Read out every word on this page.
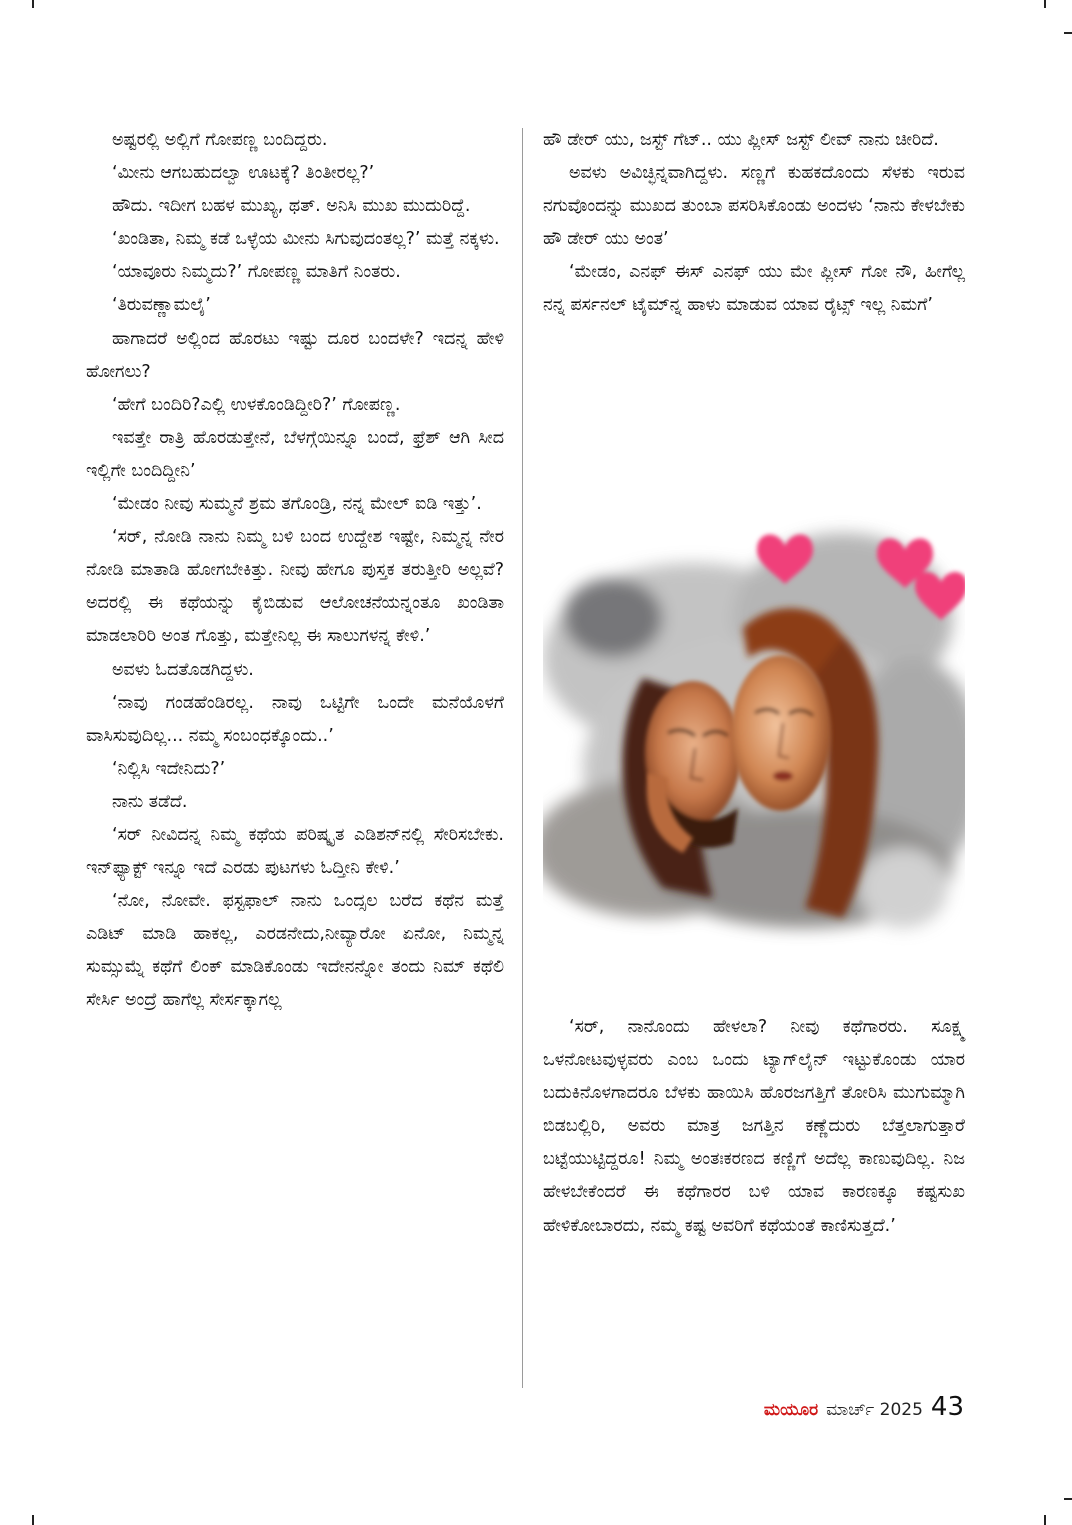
ಅಷ್ಟರಲ್ಲಿ ಅಲ್ಲಿಗೆ ಗೋಪಣ್ಣ ಬಂದಿದ್ದರು.

‘ಮೀನು ಆಗಬಹುದಲ್ವಾ ಊಟಕ್ಕೆ? ತಿಂತೀರಲ್ಲ?’

ಹೌದು. ಇದೀಗ ಬಹಳ ಮುಖ್ಯ, ಥತ್. ಅನಿಸಿ ಮುಖ ಮುದುರಿದ್ದೆ.

‘ಖಂಡಿತಾ, ನಿಮ್ಮ ಕಡೆ ಒಳ್ಳೆಯ ಮೀನು ಸಿಗುವುದಂತಲ್ಲ?’ ಮತ್ತೆ ನಕ್ಕಳು.

‘ಯಾವೂರು ನಿಮ್ಮದು?’ ಗೋಪಣ್ಣ ಮಾತಿಗೆ ನಿಂತರು.

‘ತಿರುವಣ್ಣಾಮಲೈ’

ಹಾಗಾದರೆ ಅಲ್ಲಿಂದ ಹೊರಟು ಇಷ್ಟು ದೂರ ಬಂದಳೇ? ಇದನ್ನ ಹೇಳಿ ಹೋಗಲು?

‘ಹೇಗೆ ಬಂದಿರಿ?ಎಲ್ಲಿ ಉಳಕೊಂಡಿದ್ದೀರಿ?’ ಗೋಪಣ್ಣ.

ಇವತ್ತೇ ರಾತ್ರಿ ಹೊರಡುತ್ತೇನೆ, ಬೆಳಗ್ಗೆಯಿನ್ನೂ ಬಂದೆ, ಫ್ರೆಶ್ ಆಗಿ ಸೀದ ಇಲ್ಲಿಗೇ ಬಂದಿದ್ದೀನಿ’

‘ಮೇಡಂ ನೀವು ಸುಮ್ಮನೆ ಶ್ರಮ ತಗೊಂಡ್ರಿ, ನನ್ನ ಮೇಲ್ ಐಡಿ ಇತ್ತು’.

‘ಸರ್, ನೋಡಿ ನಾನು ನಿಮ್ಮ ಬಳಿ ಬಂದ ಉದ್ದೇಶ ಇಷ್ಟೇ, ನಿಮ್ಮನ್ನ ನೇರ ನೋಡಿ ಮಾತಾಡಿ ಹೋಗಬೇಕಿತ್ತು. ನೀವು ಹೇಗೂ ಪುಸ್ತಕ ತರುತ್ತೀರಿ ಅಲ್ಲವೆ? ಅದರಲ್ಲಿ ಈ ಕಥೆಯನ್ನು ಕೈಬಿಡುವ ಆಲೋಚನೆಯನ್ನಂತೂ ಖಂಡಿತಾ ಮಾಡಲಾರಿರಿ ಅಂತ ಗೊತ್ತು, ಮತ್ತೇನಿಲ್ಲ ಈ ಸಾಲುಗಳನ್ನ ಕೇಳಿ.’

ಅವಳು ಓದತೊಡಗಿದ್ದಳು.

‘ನಾವು ಗಂಡಹೆಂಡಿರಲ್ಲ. ನಾವು ಒಟ್ಟಿಗೇ ಒಂದೇ ಮನೆಯೊಳಗೆ ವಾಸಿಸುವುದಿಲ್ಲ... ನಮ್ಮ ಸಂಬಂಧಕ್ಕೊಂದು..’

‘ನಿಲ್ಲಿಸಿ ಇದೇನಿದು?’

ನಾನು ತಡೆದೆ.

‘ಸರ್ ನೀವಿದನ್ನ ನಿಮ್ಮ ಕಥೆಯ ಪರಿಷ್ಕೃತ ಎಡಿಶನ್‌ನಲ್ಲಿ ಸೇರಿಸಬೇಕು. ಇನ್‌ಫ್ಯಾಕ್ಟ್ ಇನ್ನೂ ಇದೆ ಎರಡು ಪುಟಗಳು ಓದ್ತೀನಿ ಕೇಳಿ.’

‘ನೋ, ನೋವೇ. ಫಸ್ಟಫಾಲ್ ನಾನು ಒಂದ್ಸಲ ಬರೆದ ಕಥೆನ ಮತ್ತೆ ಎಡಿಟ್ ಮಾಡಿ ಹಾಕಲ್ಲ, ಎರಡನೇದು,ನೀವ್ಯಾರೋ ಏನೋ, ನಿಮ್ಮನ್ನ ಸುಮ್ಸುಮ್ನೆ ಕಥೆಗೆ ಲಿಂಕ್ ಮಾಡಿಕೊಂಡು ಇದೇನನ್ನೋ ತಂದು ನಿಮ್ ಕಥೆಲಿ ಸೇರ್ಸಿ ಅಂದ್ರೆ ಹಾಗೆಲ್ಲ ಸೇರ್ಸಕ್ಕಾಗಲ್ಲ

ಹೌ ಡೇರ್ ಯು, ಜಸ್ಟ್ ಗೆಟ್.. ಯು ಪ್ಲೀಸ್ ಜಸ್ಟ್ ಲೀವ್ ನಾನು ಚೀರಿದೆ.

ಅವಳು ಅವಿಚ್ಛಿನ್ನವಾಗಿದ್ದಳು. ಸಣ್ಣಗೆ ಕುಹಕದೊಂದು ಸೆಳಕು ಇರುವ ನಗುವೊಂದನ್ನು ಮುಖದ ತುಂಬಾ ಪಸರಿಸಿಕೊಂಡು ಅಂದಳು ‘ನಾನು ಕೇಳಬೇಕು ಹೌ ಡೇರ್ ಯು ಅಂತ’

‘ಮೇಡಂ, ಎನಫ್ ಈಸ್ ಎನಫ್ ಯು ಮೇ ಪ್ಲೀಸ್ ಗೋ ನೌ, ಹೀಗೆಲ್ಲ ನನ್ನ ಪರ್ಸನಲ್ ಟೈಮ್‌ನ್ನ ಹಾಳು ಮಾಡುವ ಯಾವ ರೈಟ್ಸ್ ಇಲ್ಲ ನಿಮಗೆ’

‘ಸರ್, ನಾನೊಂದು ಹೇಳಲಾ? ನೀವು ಕಥೆಗಾರರು. ಸೂಕ್ಷ್ಮ ಒಳನೋಟವುಳ್ಳವರು ಎಂಬ ಒಂದು ಟ್ಯಾಗ್‌ಲೈನ್ ಇಟ್ಟುಕೊಂಡು ಯಾರ ಬದುಕಿನೊಳಗಾದರೂ ಬೆಳಕು ಹಾಯಿಸಿ ಹೊರಜಗತ್ತಿಗೆ ತೋರಿಸಿ ಮುಗುಮ್ಮಾಗಿ ಬಿಡಬಲ್ಲಿರಿ, ಅವರು ಮಾತ್ರ ಜಗತ್ತಿನ ಕಣ್ಣೆದುರು ಬೆತ್ತಲಾಗುತ್ತಾರೆ ಬಟ್ಟೆಯುಟ್ಟಿದ್ದರೂ! ನಿಮ್ಮ ಅಂತಃಕರಣದ ಕಣ್ಣಿಗೆ ಅದೆಲ್ಲ ಕಾಣುವುದಿಲ್ಲ. ನಿಜ ಹೇಳಬೇಕೆಂದರೆ ಈ ಕಥೆಗಾರರ ಬಳಿ ಯಾವ ಕಾರಣಕ್ಕೂ ಕಷ್ಟಸುಖ ಹೇಳಿಕೋಬಾರದು, ನಮ್ಮ ಕಷ್ಟ ಅವರಿಗೆ ಕಥೆಯಂತೆ ಕಾಣಿಸುತ್ತದೆ.’

ಮಯೂರ ಮಾರ್ಚ್ 2025 43
